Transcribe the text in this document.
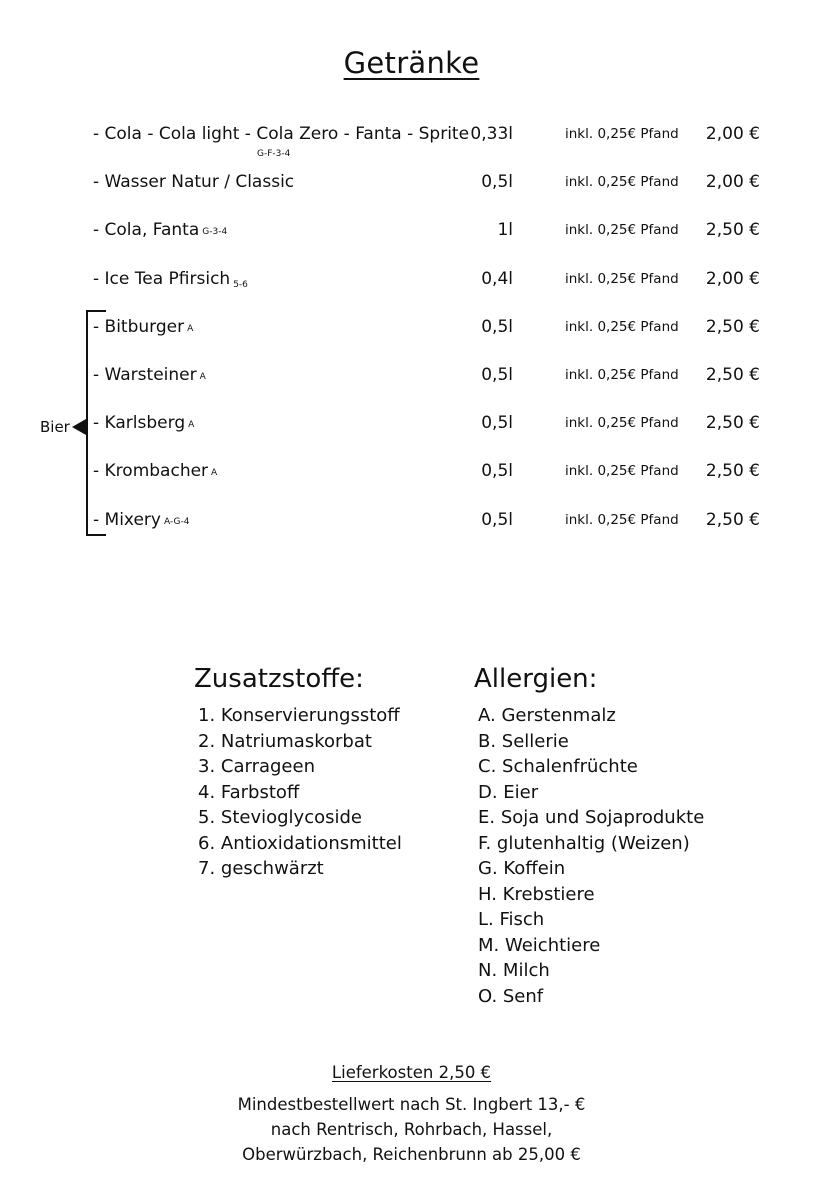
Getränke
- Cola - Cola light - Cola Zero - Fanta - Sprite 0,33l	inkl. 0,25€ Pfand	2,00 €
G-F-3-4
- Wasser Natur / Classic	0,5l	inkl. 0,25€ Pfand	2,00 €
- Cola, Fanta $^{G-3-4}$	1l	inkl. 0,25€ Pfand	2,50 €
- Ice Tea Pfirsich $^{5-6}$	0,4l	inkl. 0,25€ Pfand	2,00 €
Bier
- Bitburger $^A$	0,5l	inkl. 0,25€ Pfand	2,50 €
- Warsteiner $^A$	0,5l	inkl. 0,25€ Pfand	2,50 €
- Karlsberg $^A$	0,5l	inkl. 0,25€ Pfand	2,50 €
- Krombacher $^A$	0,5l	inkl. 0,25€ Pfand	2,50 €
- Mixery $^{A-G-4}$	0,5l	inkl. 0,25€ Pfand	2,50 €
Zusatzstoffe:
1. Konservierungsstoff
2. Natriumaskorbat
3. Carrageen
4. Farbstoff
5. Stevioglycoside
6. Antioxidationsmittel
7. geschwärzt
Allergien:
A. Gerstenmalz
B. Sellerie
C. Schalenfrüchte
D. Eier
E. Soja und Sojaprodukte
F. glutenhaltig (Weizen)
G. Koffein
H. Krebstiere
L. Fisch
M. Weichtiere
N. Milch
O. Senf
Lieferkosten 2,50 €
Mindestbestellwert nach St. Ingbert 13,- €
nach Rentrisch, Rohrbach, Hassel,
Oberwürzbach, Reichenbrunn ab 25,00 €
